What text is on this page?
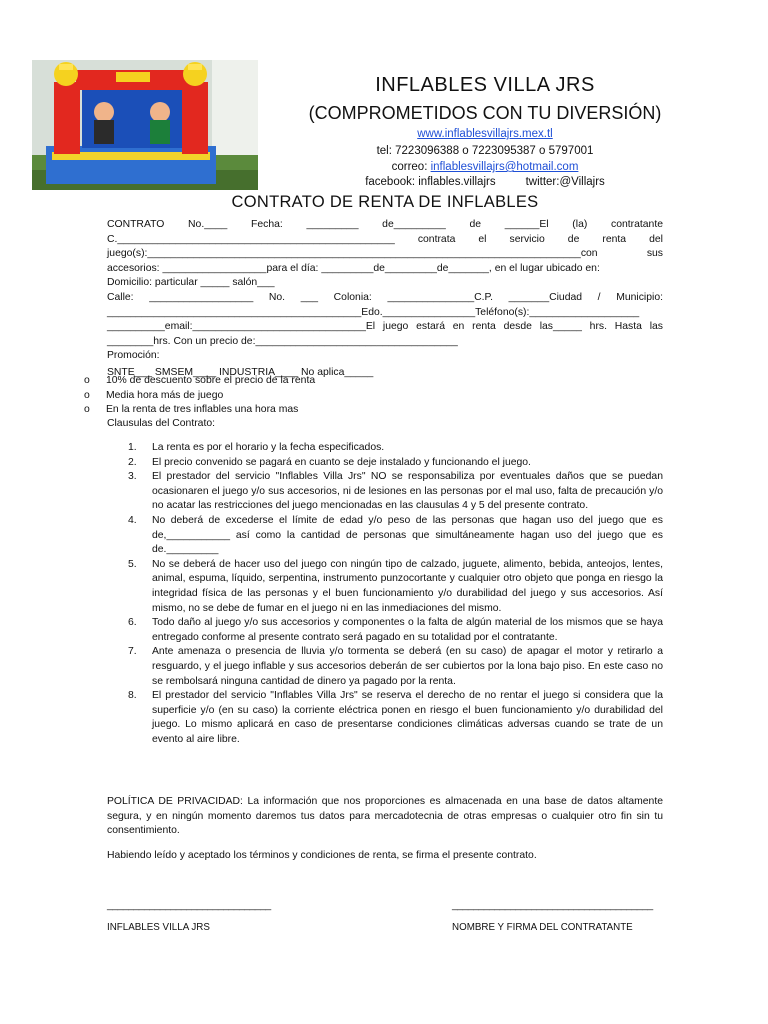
INFLABLES VILLA JRS
(COMPROMETIDOS CON TU DIVERSIÓN)
www.inflablesvillajrs.mex.tl
tel: 7223096388 o 7223095387 o 5797001
correo: inflablesvillajrs@hotmail.com
facebook: inflables.villajrs	twitter:@Villajrs
CONTRATO DE RENTA DE INFLABLES
CONTRATO No.____ Fecha: _________ de_________ de ______El (la) contratante C.________________________________________________ contrata el servicio de renta del juego(s):___________________________________________________________________________con sus accesorios: __________________para el día: _________de_________de_______, en el lugar ubicado en:
Domicilio: particular _____ salón___
Calle: __________________ No. ___ Colonia: _______________C.P. _______Ciudad / Municipio: ____________________________________________Edo.________________Teléfono(s):___________________ __________email:______________________________El juego estará en renta desde las_____ hrs. Hasta las ________hrs. Con un precio de:___________________________________
Promoción:
SNTE___ SMSEM____ INDUSTRIA____ No aplica_____
o 10% de descuento sobre el precio de la renta
o Media hora más de juego
o En la renta de tres inflables una hora mas
Clausulas del Contrato:
1. La renta es por el horario y la fecha especificados.
2. El precio convenido se pagará en cuanto se deje instalado y funcionando el juego.
3. El prestador del servicio "Inflables Villa Jrs" NO se responsabiliza por eventuales daños que se puedan ocasionaren el juego y/o sus accesorios, ni de lesiones en las personas por el mal uso, falta de precaución y/o no acatar las restricciones del juego mencionadas en las clausulas 4 y 5 del presente contrato.
4. No deberá de excederse el límite de edad y/o peso de las personas que hagan uso del juego que es de,___________ así como la cantidad de personas que simultáneamente hagan uso del juego que es de._________
5. No se deberá de hacer uso del juego con ningún tipo de calzado, juguete, alimento, bebida, anteojos, lentes, animal, espuma, líquido, serpentina, instrumento punzocortante y cualquier otro objeto que ponga en riesgo la integridad física de las personas y el buen funcionamiento y/o durabilidad del juego y sus accesorios. Así mismo, no se debe de fumar en el juego ni en las inmediaciones del mismo.
6. Todo daño al juego y/o sus accesorios y componentes o la falta de algún material de los mismos que se haya entregado conforme al presente contrato será pagado en su totalidad por el contratante.
7. Ante amenaza o presencia de lluvia y/o tormenta se deberá (en su caso) de apagar el motor y retirarlo a resguardo, y el juego inflable y sus accesorios deberán de ser cubiertos por la lona bajo piso. En este caso no se rembolsará ninguna cantidad de dinero ya pagado por la renta.
8. El prestador del servicio "Inflables Villa Jrs" se reserva el derecho de no rentar el juego si considera que la superficie y/o (en su caso) la corriente eléctrica ponen en riesgo el buen funcionamiento y/o durabilidad del juego. Lo mismo aplicará en caso de presentarse condiciones climáticas adversas cuando se trate de un evento al aire libre.
POLÍTICA DE PRIVACIDAD: La información que nos proporciones es almacenada en una base de datos altamente segura, y en ningún momento daremos tus datos para mercadotecnia de otras empresas o cualquier otro fin sin tu consentimiento.
Habiendo leído y aceptado los términos y condiciones de renta, se firma el presente contrato.
_______________________________	______________________________________
INFLABLES VILLA JRS	NOMBRE Y FIRMA DEL CONTRATANTE
